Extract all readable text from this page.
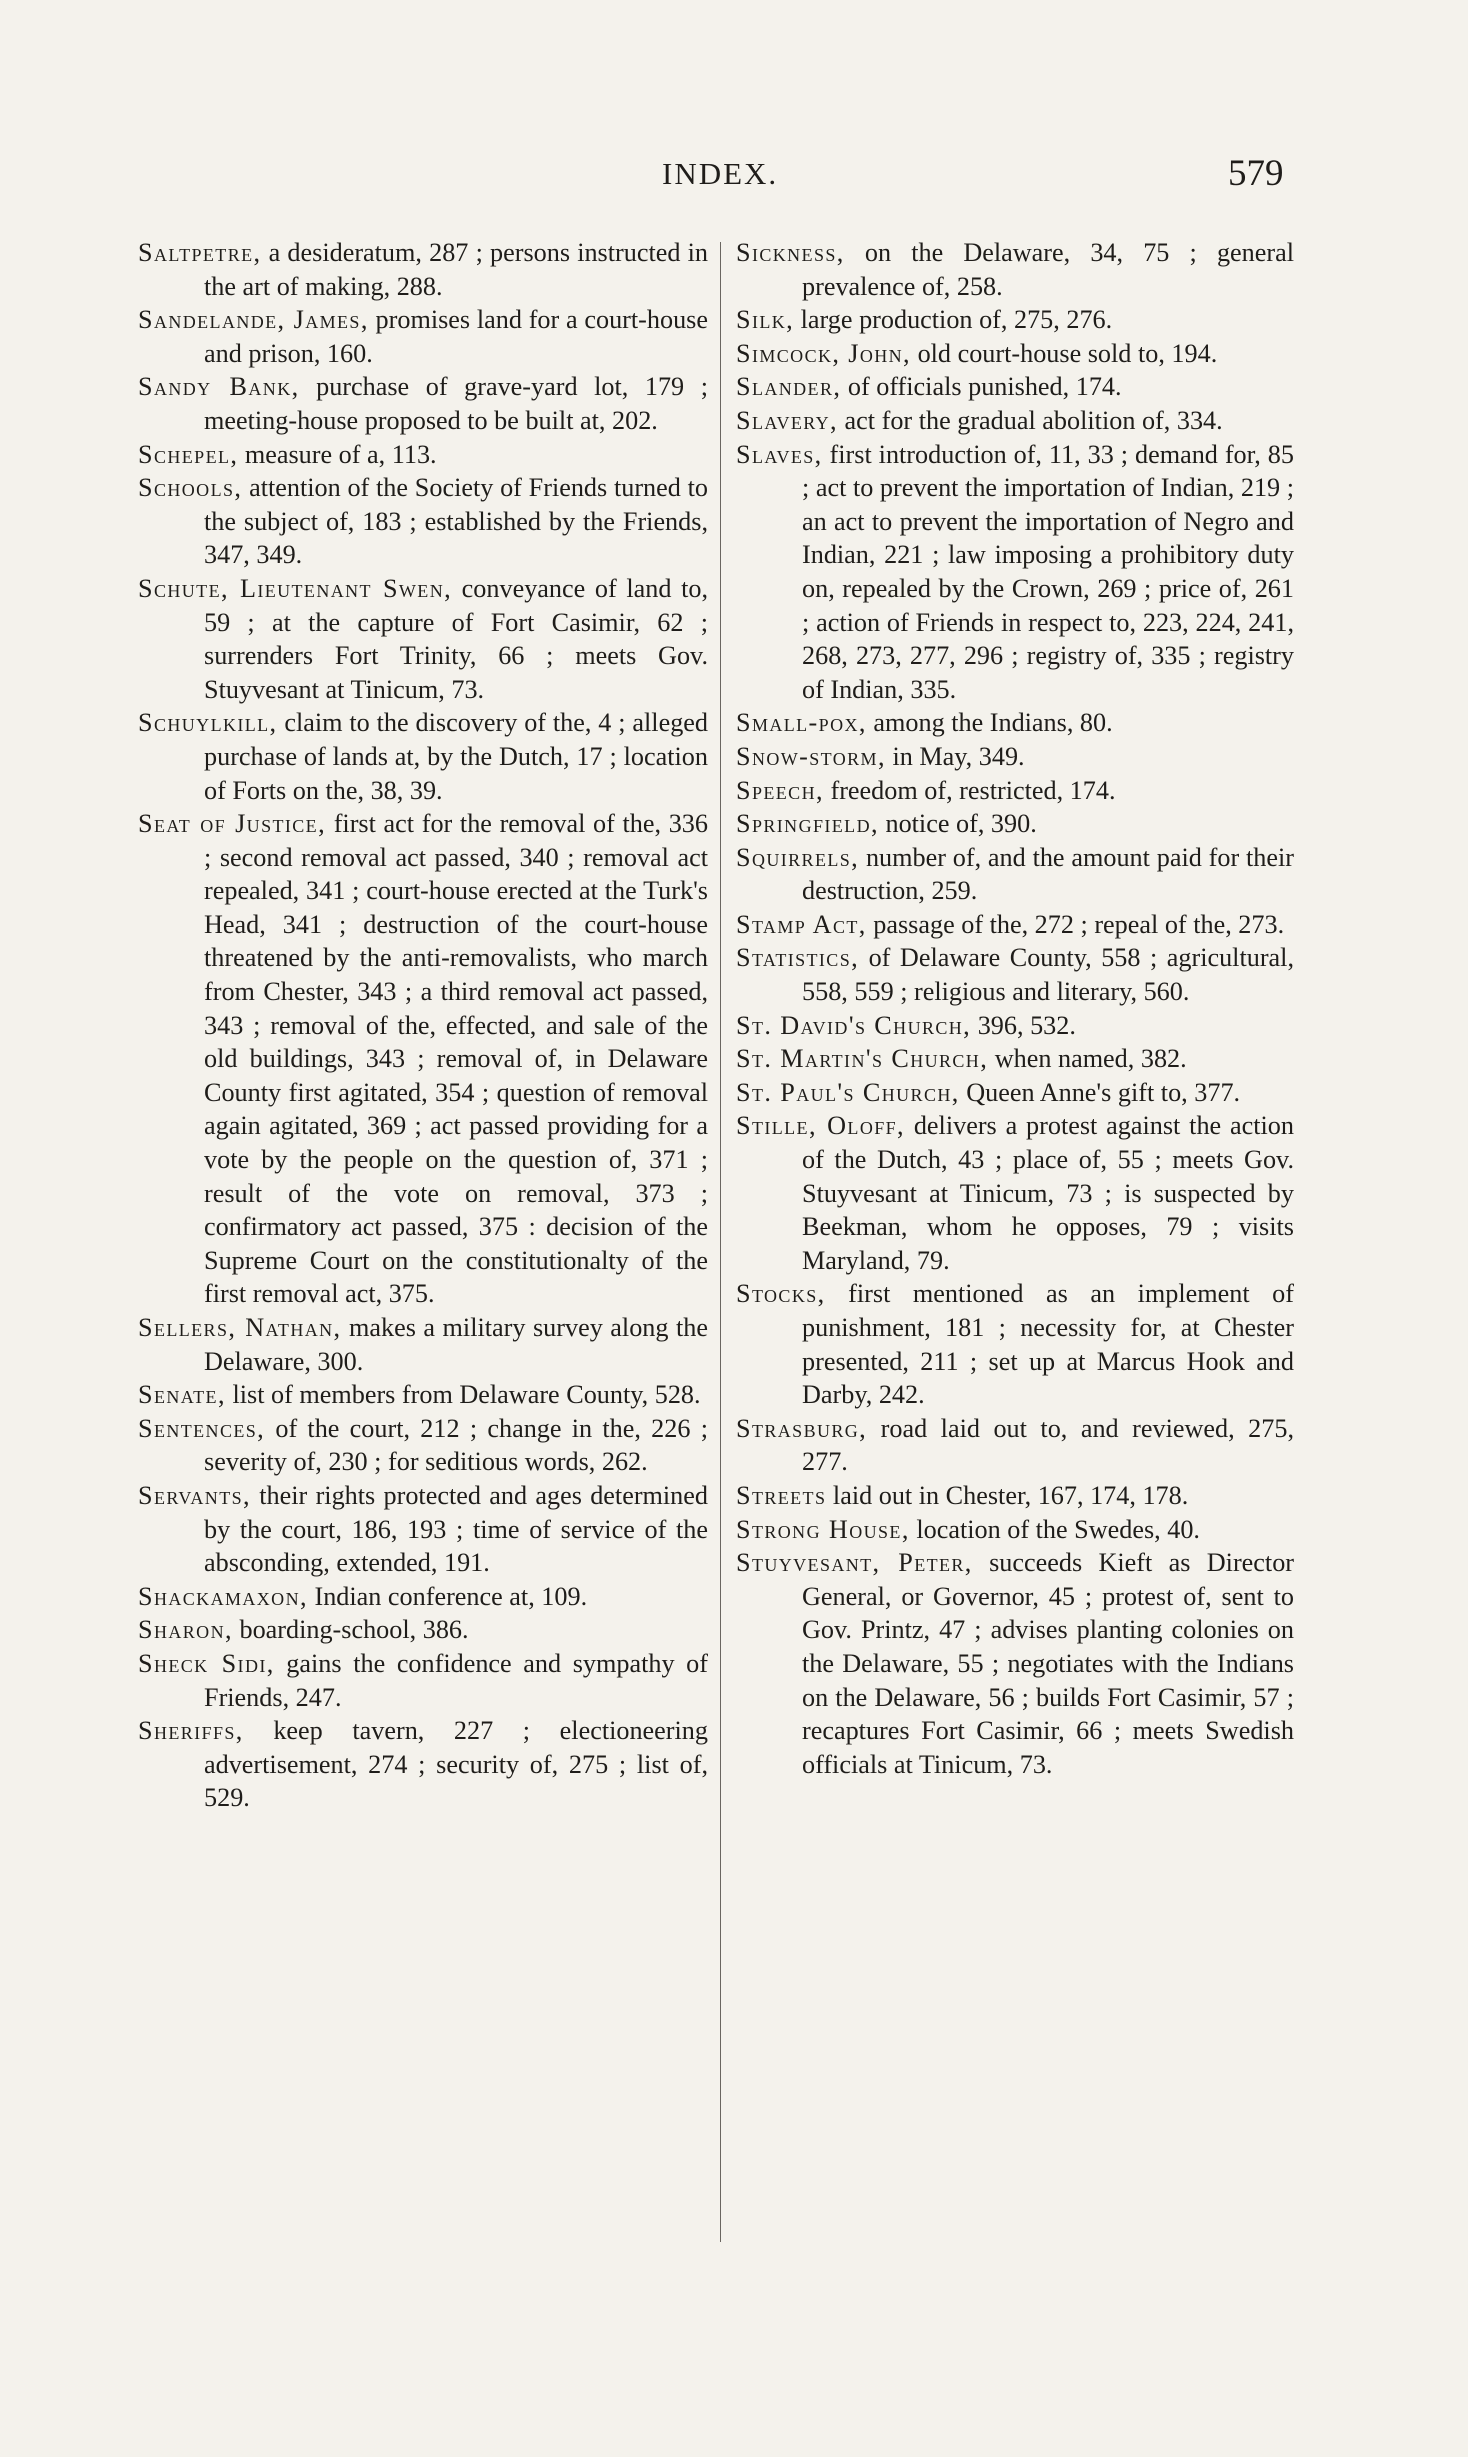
INDEX.	579

Saltpetre, a desideratum, 287 ; persons instructed in the art of making, 288.

Sandelande, James, promises land for a court-house and prison, 160.

Sandy Bank, purchase of grave-yard lot, 179 ; meeting-house proposed to be built at, 202.

Schepel, measure of a, 113.

Schools, attention of the Society of Friends turned to the subject of, 183 ; established by the Friends, 347, 349.

Schute, Lieutenant Swen, conveyance of land to, 59 ; at the capture of Fort Casimir, 62 ; surrenders Fort Trinity, 66 ; meets Gov. Stuyvesant at Tinicum, 73.

Schuylkill, claim to the discovery of the, 4 ; alleged purchase of lands at, by the Dutch, 17 ; location of Forts on the, 38, 39.

Seat of Justice, first act for the removal of the, 336 ; second removal act passed, 340 ; removal act repealed, 341 ; court-house erected at the Turk's Head, 341 ; destruction of the court-house threatened by the anti-removalists, who march from Chester, 343 ; a third removal act passed, 343 ; removal of the, effected, and sale of the old buildings, 343 ; removal of, in Delaware County first agitated, 354 ; question of removal again agitated, 369 ; act passed providing for a vote by the people on the question of, 371 ; result of the vote on removal, 373 ; confirmatory act passed, 375 : decision of the Supreme Court on the constitutionalty of the first removal act, 375.

Sellers, Nathan, makes a military survey along the Delaware, 300.

Senate, list of members from Delaware County, 528.

Sentences, of the court, 212 ; change in the, 226 ; severity of, 230 ; for seditious words, 262.

Servants, their rights protected and ages determined by the court, 186, 193 ; time of service of the absconding, extended, 191.

Shackamaxon, Indian conference at, 109.

Sharon, boarding-school, 386.

Sheck Sidi, gains the confidence and sympathy of Friends, 247.

Sheriffs, keep tavern, 227 ; electioneering advertisement, 274 ; security of, 275 ; list of, 529.

Sickness, on the Delaware, 34, 75 ; general prevalence of, 258.

Silk, large production of, 275, 276.

Simcock, John, old court-house sold to, 194.

Slander, of officials punished, 174.

Slavery, act for the gradual abolition of, 334.

Slaves, first introduction of, 11, 33 ; demand for, 85 ; act to prevent the importation of Indian, 219 ; an act to prevent the importation of Negro and Indian, 221 ; law imposing a prohibitory duty on, repealed by the Crown, 269 ; price of, 261 ; action of Friends in respect to, 223, 224, 241, 268, 273, 277, 296 ; registry of, 335 ; registry of Indian, 335.

Small-pox, among the Indians, 80.

Snow-storm, in May, 349.

Speech, freedom of, restricted, 174.

Springfield, notice of, 390.

Squirrels, number of, and the amount paid for their destruction, 259.

Stamp Act, passage of the, 272 ; repeal of the, 273.

Statistics, of Delaware County, 558 ; agricultural, 558, 559 ; religious and literary, 560.

St. David's Church, 396, 532.

St. Martin's Church, when named, 382.

St. Paul's Church, Queen Anne's gift to, 377.

Stille, Oloff, delivers a protest against the action of the Dutch, 43 ; place of, 55 ; meets Gov. Stuyvesant at Tinicum, 73 ; is suspected by Beekman, whom he opposes, 79 ; visits Maryland, 79.

Stocks, first mentioned as an implement of punishment, 181 ; necessity for, at Chester presented, 211 ; set up at Marcus Hook and Darby, 242.

Strasburg, road laid out to, and reviewed, 275, 277.

Streets laid out in Chester, 167, 174, 178.

Strong House, location of the Swedes, 40.

Stuyvesant, Peter, succeeds Kieft as Director General, or Governor, 45 ; protest of, sent to Gov. Printz, 47 ; advises planting colonies on the Delaware, 55 ; negotiates with the Indians on the Delaware, 56 ; builds Fort Casimir, 57 ; recaptures Fort Casimir, 66 ; meets Swedish officials at Tinicum, 73.
